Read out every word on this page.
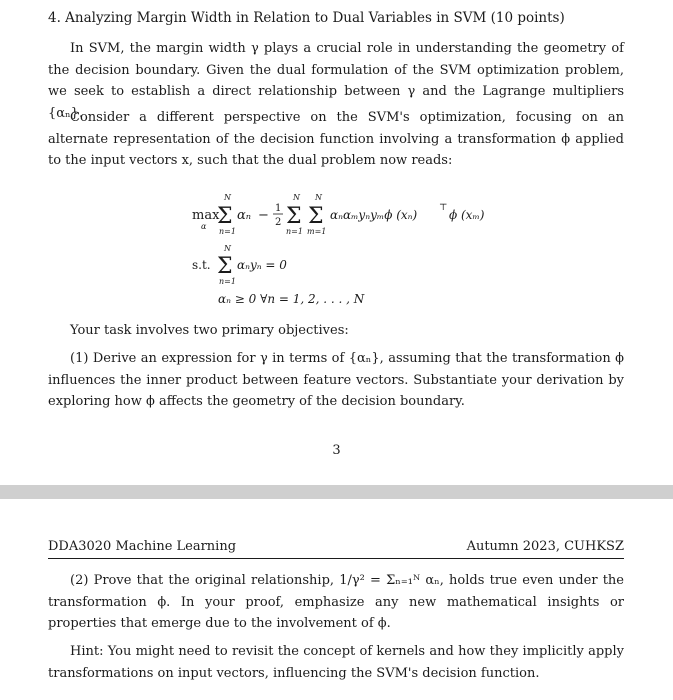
4. Analyzing Margin Width in Relation to Dual Variables in SVM (10 points)
In SVM, the margin width γ plays a crucial role in understanding the geometry of the decision boundary. Given the dual formulation of the SVM optimization problem, we seek to establish a direct relationship between γ and the Lagrange multipliers {αₙ}.
Consider a different perspective on the SVM's optimization, focusing on an alternate representation of the decision function involving a transformation ϕ applied to the input vectors x, such that the dual problem now reads:
max
α
N
Σ
n=1
αₙ − 1
2
N
Σ
n=1
N
Σ
m=1
αₙαₘyₙyₘϕ (xₙ) ⊤ ϕ (xₘ)
s.t.
N
Σ
n=1
αₙyₙ = 0
αₙ ≥ 0 ∀n = 1, 2, . . . , N
Your task involves two primary objectives:
(1) Derive an expression for γ in terms of {αₙ}, assuming that the transformation ϕ influences the inner product between feature vectors. Substantiate your derivation by exploring how ϕ affects the geometry of the decision boundary.
3
DDA3020 Machine Learning	Autumn 2023, CUHKSZ
(2) Prove that the original relationship, 1/γ² = Σₙ₌₁ᴺ αₙ, holds true even under the transformation ϕ. In your proof, emphasize any new mathematical insights or properties that emerge due to the involvement of ϕ.
Hint: You might need to revisit the concept of kernels and how they implicitly apply transformations on input vectors, influencing the SVM's decision function.
